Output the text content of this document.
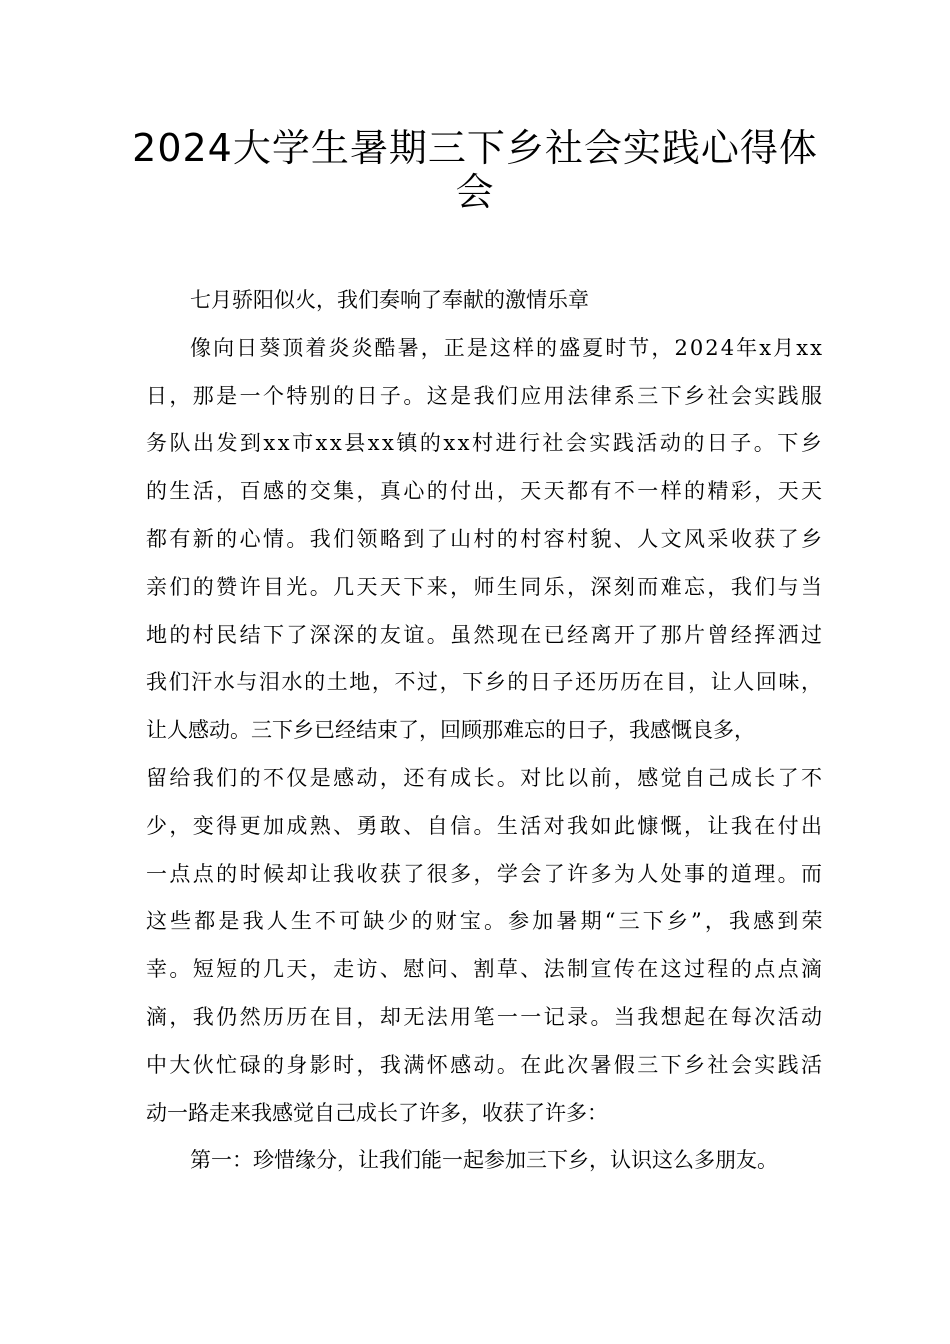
2024大学生暑期三下乡社会实践心得体
会
七月骄阳似火，我们奏响了奉献的激情乐章
像向日葵顶着炎炎酷暑，正是这样的盛夏时节，2024年x月xx
日，那是一个特别的日子。这是我们应用法律系三下乡社会实践服
务队出发到xx市xx县xx镇的xx村进行社会实践活动的日子。下乡
的生活，百感的交集，真心的付出，天天都有不一样的精彩，天天
都有新的心情。我们领略到了山村的村容村貌、人文风采收获了乡
亲们的赞许目光。几天天下来，师生同乐，深刻而难忘，我们与当
地的村民结下了深深的友谊。虽然现在已经离开了那片曾经挥洒过
我们汗水与泪水的土地，不过，下乡的日子还历历在目，让人回味，
让人感动。三下乡已经结束了，回顾那难忘的日子，我感慨良多，
留给我们的不仅是感动，还有成长。对比以前，感觉自己成长了不
少，变得更加成熟、勇敢、自信。生活对我如此慷慨，让我在付出
一点点的时候却让我收获了很多，学会了许多为人处事的道理。而
这些都是我人生不可缺少的财宝。参加暑期“三下乡”，我感到荣
幸。短短的几天，走访、慰问、割草、法制宣传在这过程的点点滴
滴，我仍然历历在目，却无法用笔一一记录。当我想起在每次活动
中大伙忙碌的身影时，我满怀感动。在此次暑假三下乡社会实践活
动一路走来我感觉自己成长了许多，收获了许多：
第一：珍惜缘分，让我们能一起参加三下乡，认识这么多朋友。
